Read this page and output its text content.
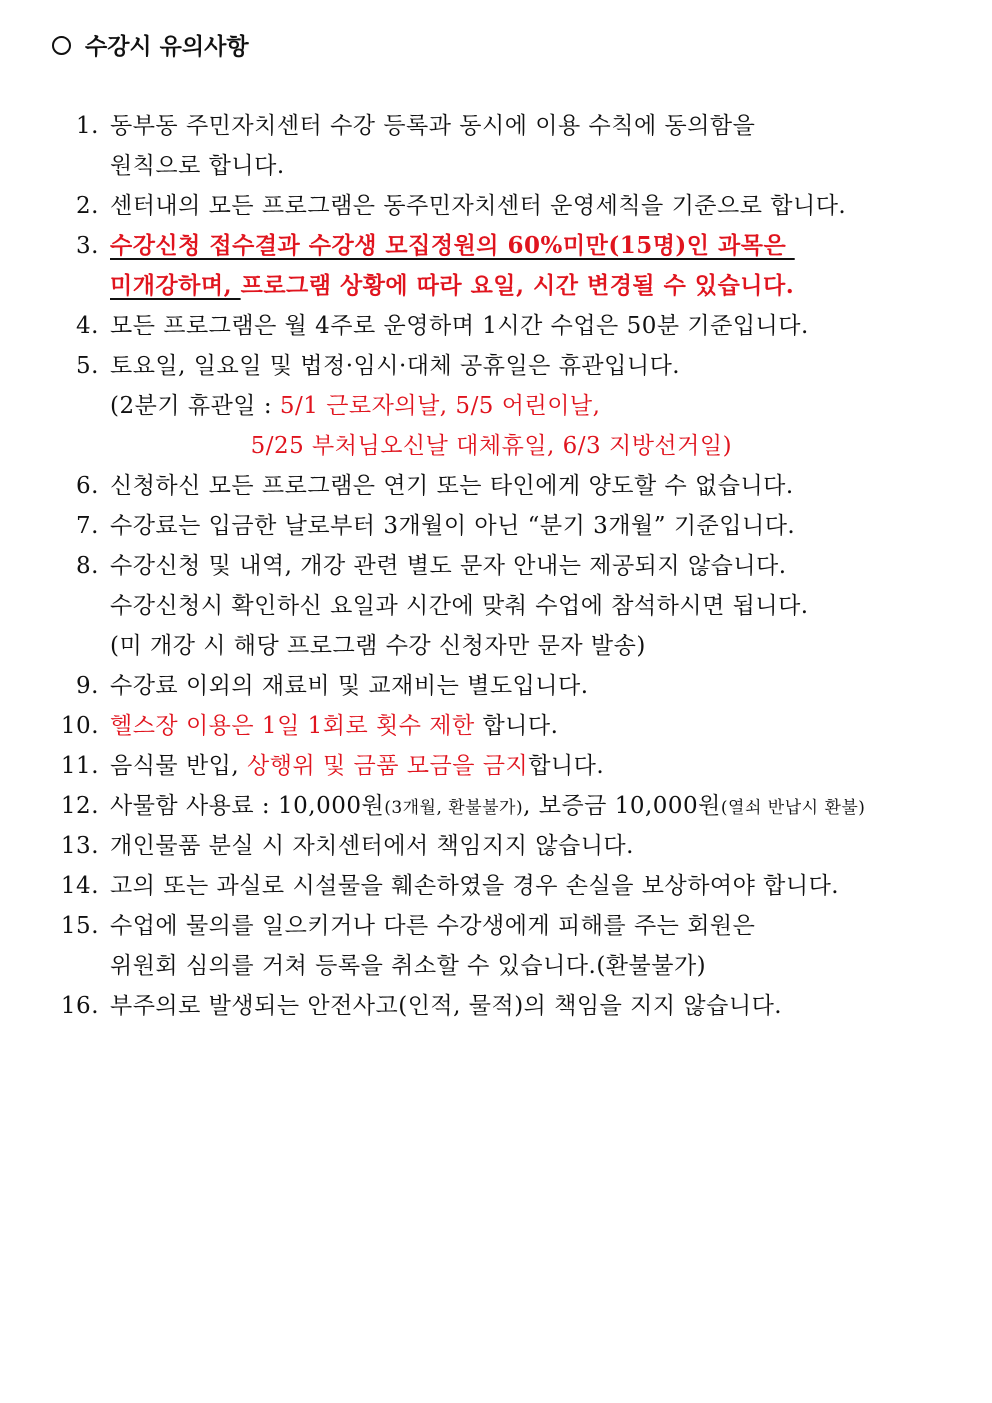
수강시 유의사항
1. 동부동 주민자치센터 수강 등록과 동시에 이용 수칙에 동의함을
원칙으로 합니다.
2. 센터내의 모든 프로그램은 동주민자치센터 운영세칙을 기준으로 합니다.
3. 수강신청 접수결과 수강생 모집정원의 60%미만(15명)인 과목은
미개강하며, 프로그램 상황에 따라 요일, 시간 변경될 수 있습니다.
4. 모든 프로그램은 월 4주로 운영하며 1시간 수업은 50분 기준입니다.
5. 토요일, 일요일 및 법정·임시·대체 공휴일은 휴관입니다.
(2분기 휴관일 : 5/1 근로자의날, 5/5 어린이날,
5/25 부처님오신날 대체휴일, 6/3 지방선거일)
6. 신청하신 모든 프로그램은 연기 또는 타인에게 양도할 수 없습니다.
7. 수강료는 입금한 날로부터 3개월이 아닌 “분기 3개월” 기준입니다.
8. 수강신청 및 내역, 개강 관련 별도 문자 안내는 제공되지 않습니다.
수강신청시 확인하신 요일과 시간에 맞춰 수업에 참석하시면 됩니다.
(미 개강 시 해당 프로그램 수강 신청자만 문자 발송)
9. 수강료 이외의 재료비 및 교재비는 별도입니다.
10. 헬스장 이용은 1일 1회로 횟수 제한 합니다.
11. 음식물 반입, 상행위 및 금품 모금을 금지합니다.
12. 사물함 사용료 : 10,000원(3개월, 환불불가), 보증금 10,000원(열쇠 반납시 환불)
13. 개인물품 분실 시 자치센터에서 책임지지 않습니다.
14. 고의 또는 과실로 시설물을 훼손하였을 경우 손실을 보상하여야 합니다.
15. 수업에 물의를 일으키거나 다른 수강생에게 피해를 주는 회원은
위원회 심의를 거쳐 등록을 취소할 수 있습니다.(환불불가)
16. 부주의로 발생되는 안전사고(인적, 물적)의 책임을 지지 않습니다.
